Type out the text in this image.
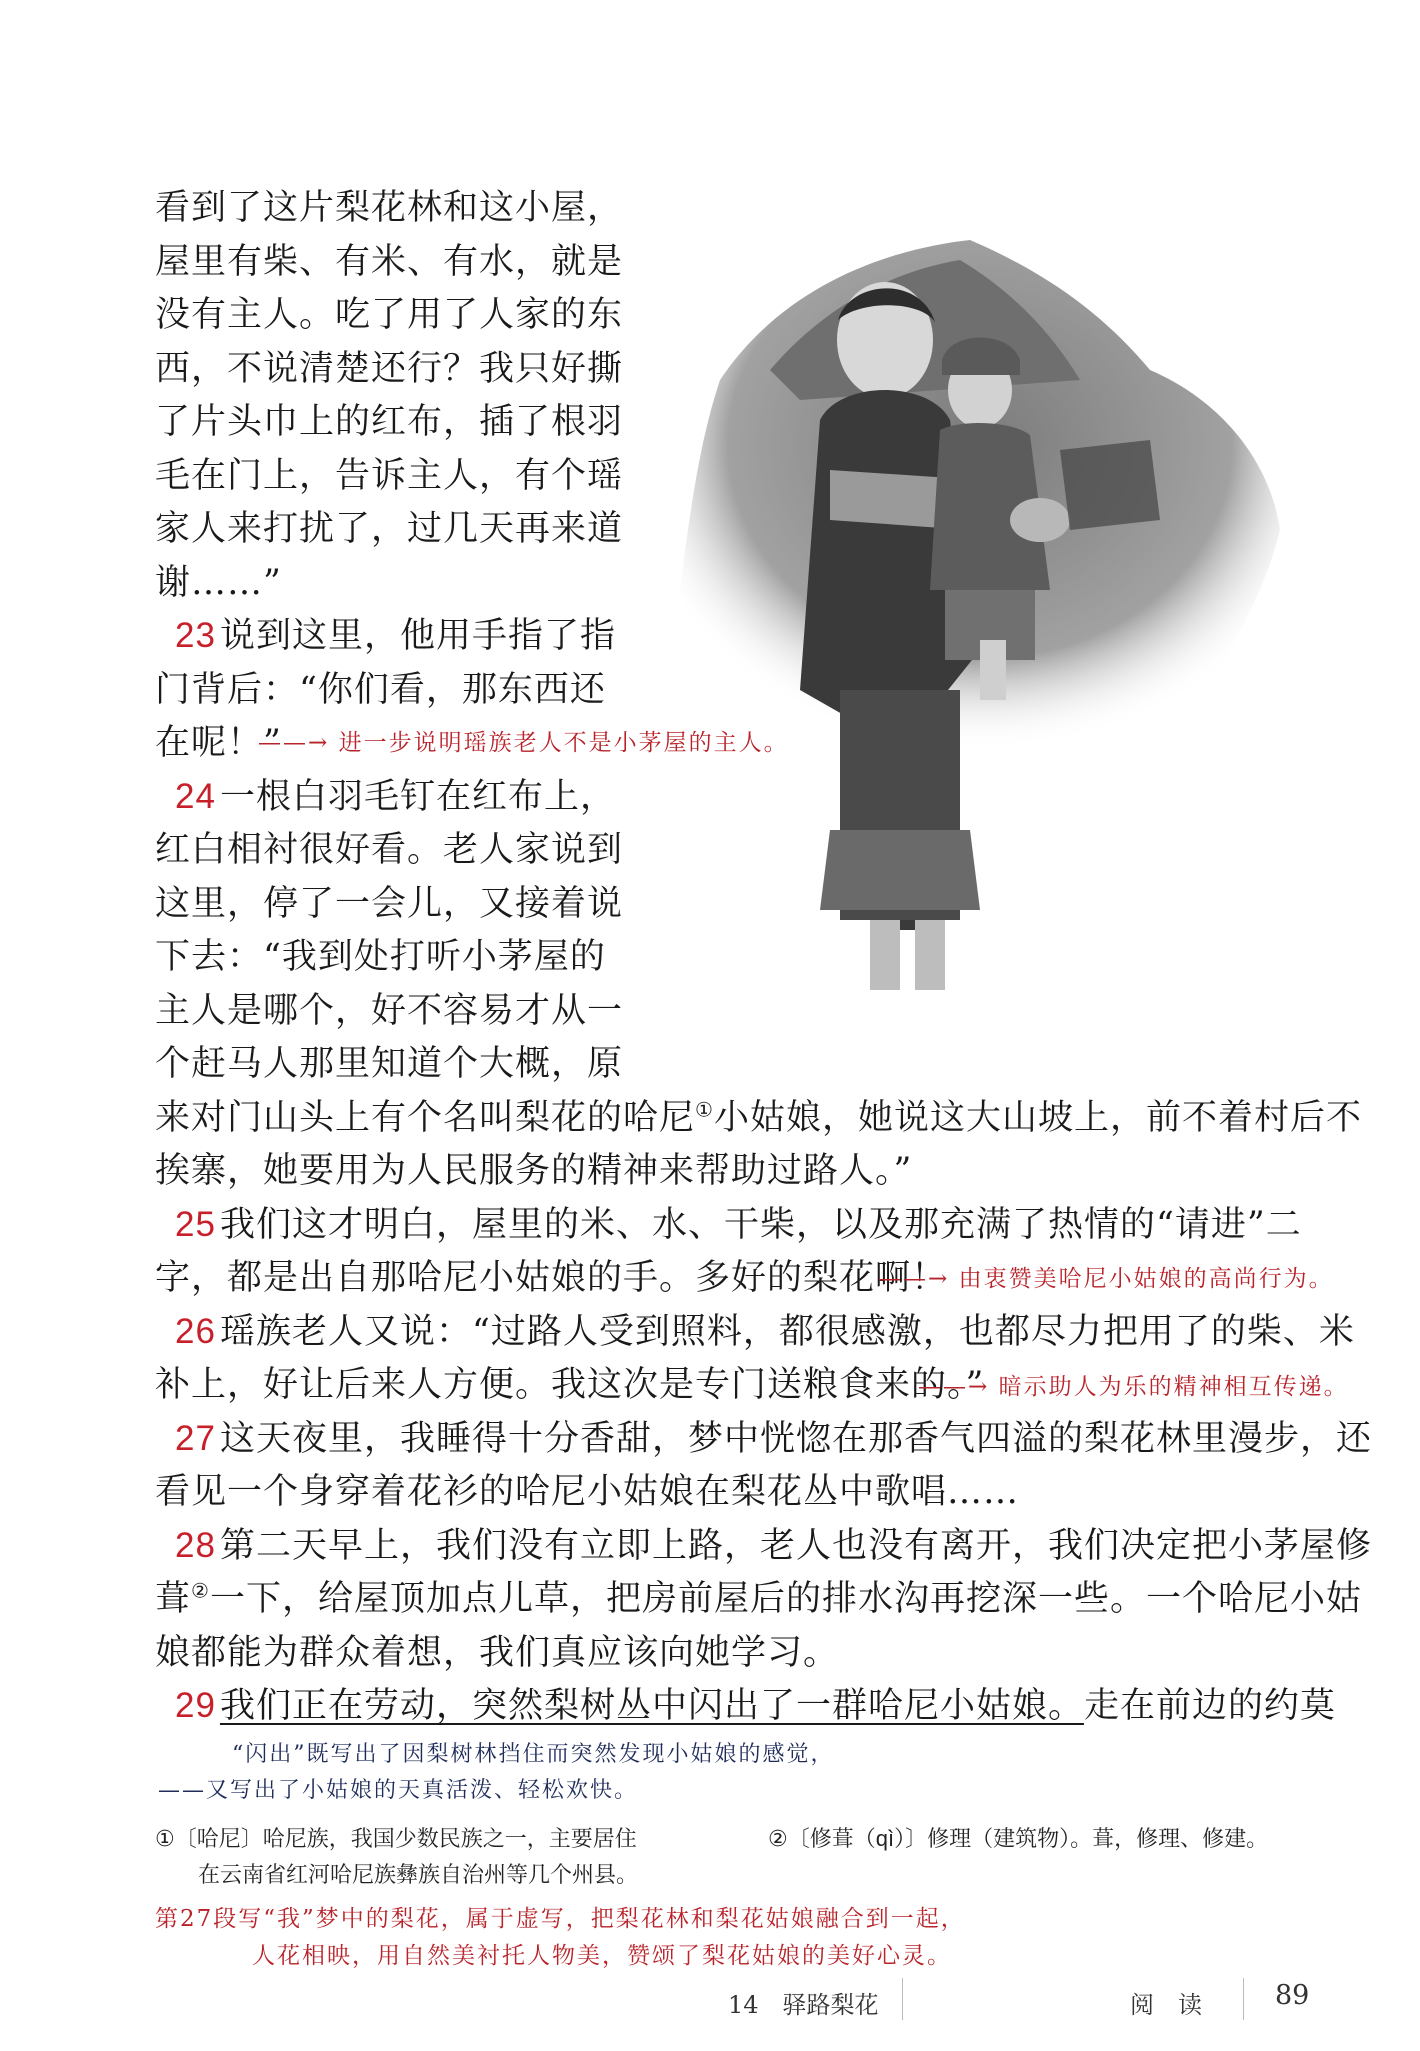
看到了这片梨花林和这小屋，
屋里有柴、有米、有水，就是
没有主人。吃了用了人家的东
西，不说清楚还行？我只好撕
了片头巾上的红布，插了根羽
毛在门上，告诉主人，有个瑶
家人来打扰了，过几天再来道
谢……”
23 说到这里，他用手指了指
门背后：“你们看，那东西还
在呢！”
——→ 进一步说明瑶族老人不是小茅屋的主人。
24 一根白羽毛钉在红布上，
红白相衬很好看。老人家说到
这里，停了一会儿，又接着说
下去：“我到处打听小茅屋的
主人是哪个，好不容易才从一
个赶马人那里知道个大概，原
来对门山头上有个名叫梨花的哈尼①小姑娘，她说这大山坡上，前不着村后不
挨寨，她要用为人民服务的精神来帮助过路人。”
25 我们这才明白，屋里的米、水、干柴，以及那充满了热情的“请进”二
字，都是出自那哈尼小姑娘的手。多好的梨花啊！
——→ 由衷赞美哈尼小姑娘的高尚行为。
26 瑶族老人又说：“过路人受到照料，都很感激，也都尽力把用了的柴、米
补上，好让后来人方便。我这次是专门送粮食来的。”
——→ 暗示助人为乐的精神相互传递。
27 这天夜里，我睡得十分香甜，梦中恍惚在那香气四溢的梨花林里漫步，还
看见一个身穿着花衫的哈尼小姑娘在梨花丛中歌唱……
28 第二天早上，我们没有立即上路，老人也没有离开，我们决定把小茅屋修
葺②一下，给屋顶加点儿草，把房前屋后的排水沟再挖深一些。一个哈尼小姑
娘都能为群众着想，我们真应该向她学习。
29 我们正在劳动，突然梨树丛中闪出了一群哈尼小姑娘。走在前边的约莫
“闪出”既写出了因梨树林挡住而突然发现小姑娘的感觉，
——又写出了小姑娘的天真活泼、轻松欢快。
①〔哈尼〕哈尼族，我国少数民族之一，主要居住
在云南省红河哈尼族彝族自治州等几个州县。
②〔修葺（qì）〕修理（建筑物）。葺，修理、修建。
第27段写“我”梦中的梨花，属于虚写，把梨花林和梨花姑娘融合到一起，
人花相映，用自然美衬托人物美，赞颂了梨花姑娘的美好心灵。
14　驿路梨花	阅　读	89
